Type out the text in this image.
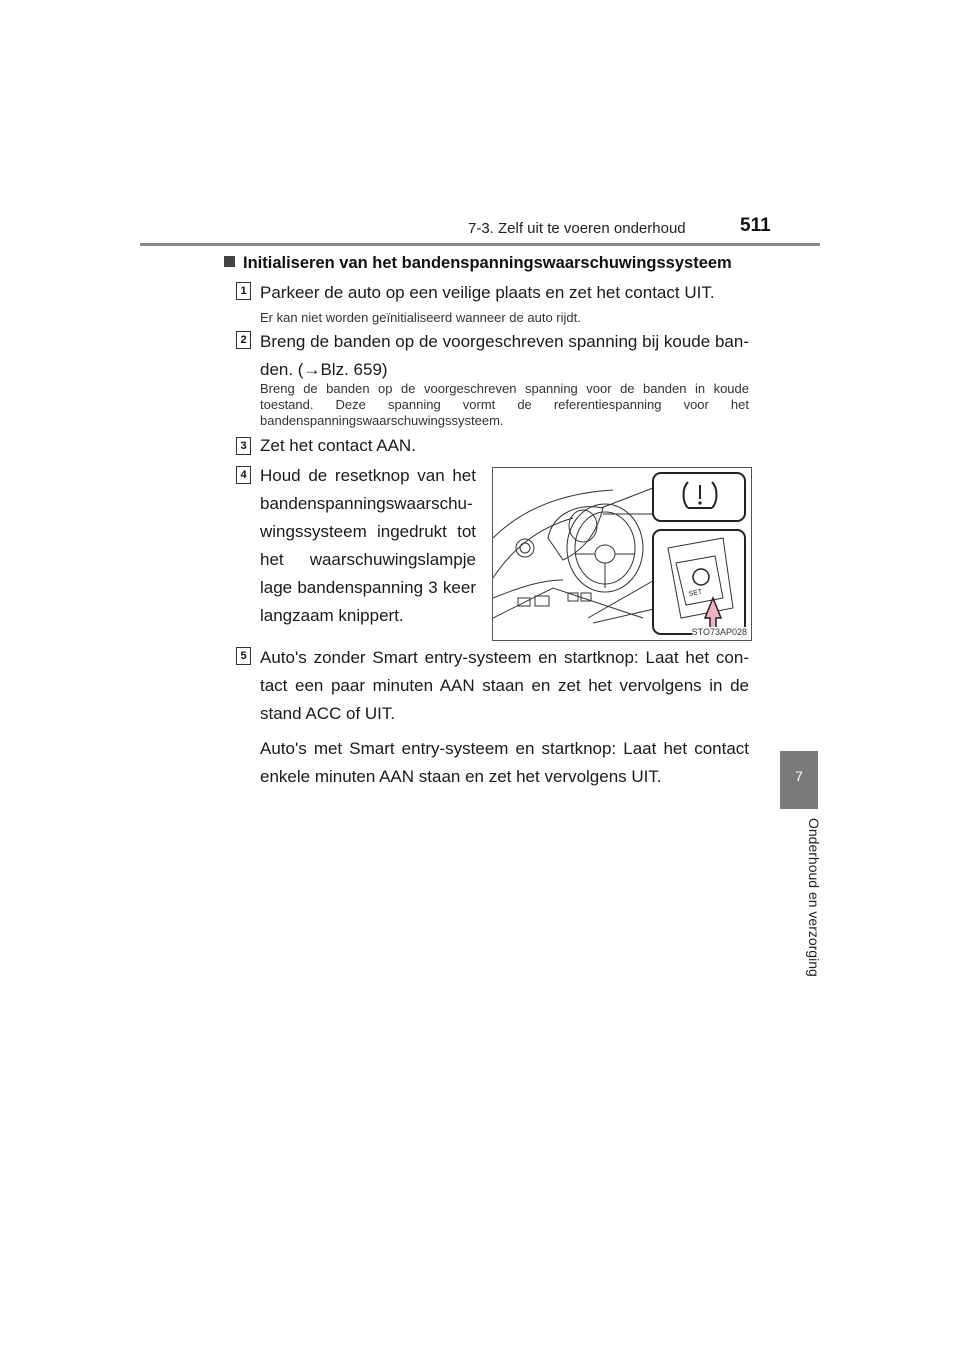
7-3. Zelf uit te voeren onderhoud	511
7
Onderhoud en verzorging
Initialiseren van het bandenspanningswaarschuwingssysteem
1 Parkeer de auto op een veilige plaats en zet het contact UIT.
Er kan niet worden geïnitialiseerd wanneer de auto rijdt.
2 Breng de banden op de voorgeschreven spanning bij koude ban-den. (→Blz. 659)
Breng de banden op de voorgeschreven spanning voor de banden in koude toestand. Deze spanning vormt de referentiespanning voor het bandenspanningswaarschuwingssysteem.
3 Zet het contact AAN.
4 Houd de resetknop van het bandenspanningswaarschu-wingssysteem ingedrukt tot het waarschuwingslampje lage bandenspanning 3 keer langzaam knippert.
SET
STO73AP028
5 Auto's zonder Smart entry-systeem en startknop: Laat het con-tact een paar minuten AAN staan en zet het vervolgens in de stand ACC of UIT.
Auto's met Smart entry-systeem en startknop: Laat het contact enkele minuten AAN staan en zet het vervolgens UIT.
